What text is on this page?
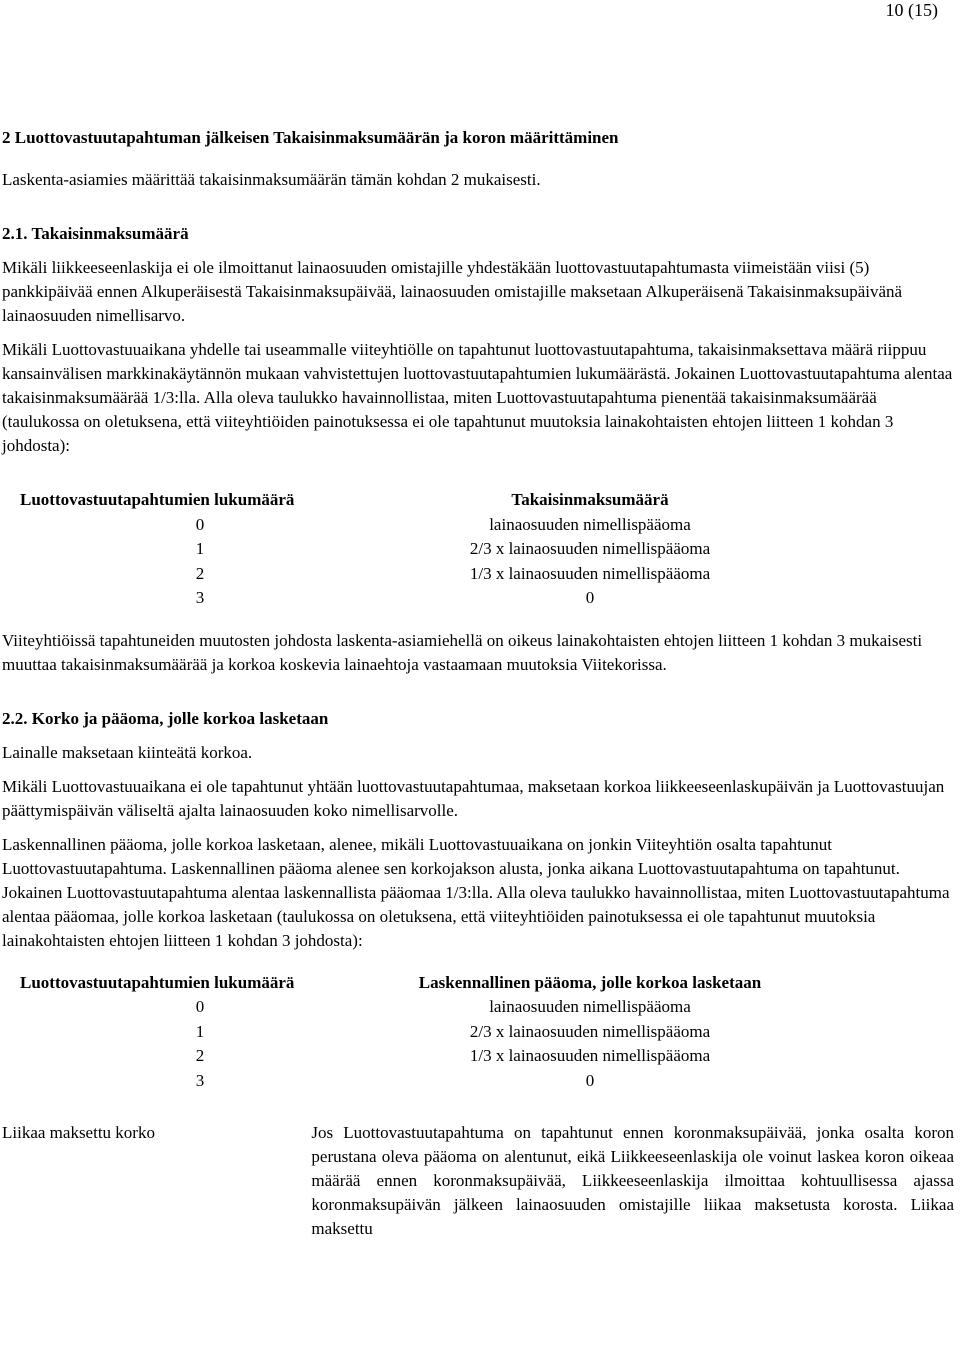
10 (15)
2 Luottovastuutapahtuman jälkeisen Takaisinmaksumäärän ja koron määrittäminen

Laskenta-asiamies määrittää takaisinmaksumäärän tämän kohdan 2 mukaisesti.

2.1. Takaisinmaksumäärä

Mikäli liikkeeseenlaskija ei ole ilmoittanut lainaosuuden omistajille yhdestäkään luottovastuutapahtumasta viimeistään viisi (5) pankkipäivää ennen Alkuperäisestä Takaisinmaksupäivää, lainaosuuden omistajille maksetaan Alkuperäisenä Takaisinmaksupäivänä lainaosuuden nimellisarvo.

Mikäli Luottovastuuaikana yhdelle tai useammalle viiteyhtiölle on tapahtunut luottovastuutapahtuma, takaisinmaksettava määrä riippuu kansainvälisen markkinakäytännön mukaan vahvistettujen luottovastuutapahtumien lukumäärästä. Jokainen Luottovastuutapahtuma alentaa takaisinmaksumäärää 1/3:lla. Alla oleva taulukko havainnollistaa, miten Luottovastuutapahtuma pienentää takaisinmaksumäärää (taulukossa on oletuksena, että viiteyhtiöiden painotuksessa ei ole tapahtunut muutoksia lainakohtaisten ehtojen liitteen 1 kohdan 3 johdosta):

Luottovastuutapahtumien lukumäärä	Takaisinmaksumäärä
0	lainaosuuden nimellispääoma
1	2/3 x lainaosuuden nimellispääoma
2	1/3 x lainaosuuden nimellispääoma
3	0

Viiteyhtiöissä tapahtuneiden muutosten johdosta laskenta-asiamiehellä on oikeus lainakohtaisten ehtojen liitteen 1 kohdan 3 mukaisesti muuttaa takaisinmaksumäärää ja korkoa koskevia lainaehtoja vastaamaan muutoksia Viitekorissa.

2.2. Korko ja pääoma, jolle korkoa lasketaan

Lainalle maksetaan kiinteätä korkoa.

Mikäli Luottovastuuaikana ei ole tapahtunut yhtään luottovastuutapahtumaa, maksetaan korkoa liikkeeseenlaskupäivän ja Luottovastuujan päättymispäivän väliseltä ajalta lainaosuuden koko nimellisarvolle.

Laskennallinen pääoma, jolle korkoa lasketaan, alenee, mikäli Luottovastuuaikana on jonkin Viiteyhtiön osalta tapahtunut Luottovastuutapahtuma. Laskennallinen pääoma alenee sen korkojakson alusta, jonka aikana Luottovastuutapahtuma on tapahtunut. Jokainen Luottovastuutapahtuma alentaa laskennallista pääomaa 1/3:lla. Alla oleva taulukko havainnollistaa, miten Luottovastuutapahtuma alentaa pääomaa, jolle korkoa lasketaan (taulukossa on oletuksena, että viiteyhtiöiden painotuksessa ei ole tapahtunut muutoksia lainakohtaisten ehtojen liitteen 1 kohdan 3 johdosta):

Luottovastuutapahtumien lukumäärä	Laskennallinen pääoma, jolle korkoa lasketaan
0	lainaosuuden nimellispääoma
1	2/3 x lainaosuuden nimellispääoma
2	1/3 x lainaosuuden nimellispääoma
3	0
Liikaa maksettu korko	Jos Luottovastuutapahtuma on tapahtunut ennen koronmaksupäivää, jonka osalta koron perustana oleva pääoma on alentunut, eikä Liikkeeseenlaskija ole voinut laskea koron oikeaa määrää ennen koronmaksupäivää, Liikkeeseenlaskija ilmoittaa kohtuullisessa ajassa koronmaksupäivän jälkeen lainaosuuden omistajille liikaa maksetusta korosta. Liikaa maksettu
